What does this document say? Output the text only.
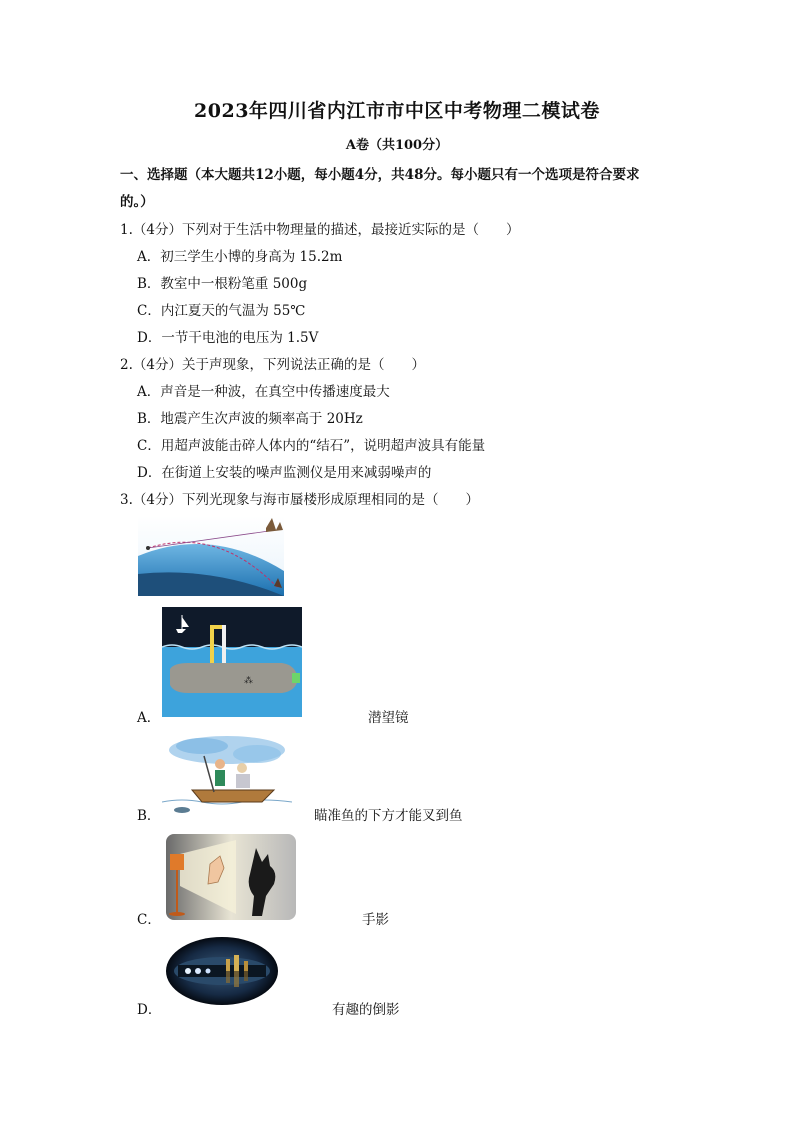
2023年四川省内江市市中区中考物理二模试卷
A卷（共100分）
一、选择题（本大题共12小题，每小题4分，共48分。每小题只有一个选项是符合要求
的。）
1.（4分）下列对于生活中物理量的描述，最接近实际的是（　　）
A．初三学生小博的身高为 15.2m
B．教室中一根粉笔重 500g
C．内江夏天的气温为 55℃
D．一节干电池的电压为 1.5V
2.（4分）关于声现象，下列说法正确的是（　　）
A．声音是一种波，在真空中传播速度最大
B．地震产生次声波的频率高于 20Hz
C．用超声波能击碎人体内的“结石”，说明超声波具有能量
D．在街道上安装的噪声监测仪是用来减弱噪声的
3.（4分）下列光现象与海市蜃楼形成原理相同的是（　　）
⁂
A．	潜望镜
B．	瞄准鱼的下方才能叉到鱼
C．	手影
D．	有趣的倒影
